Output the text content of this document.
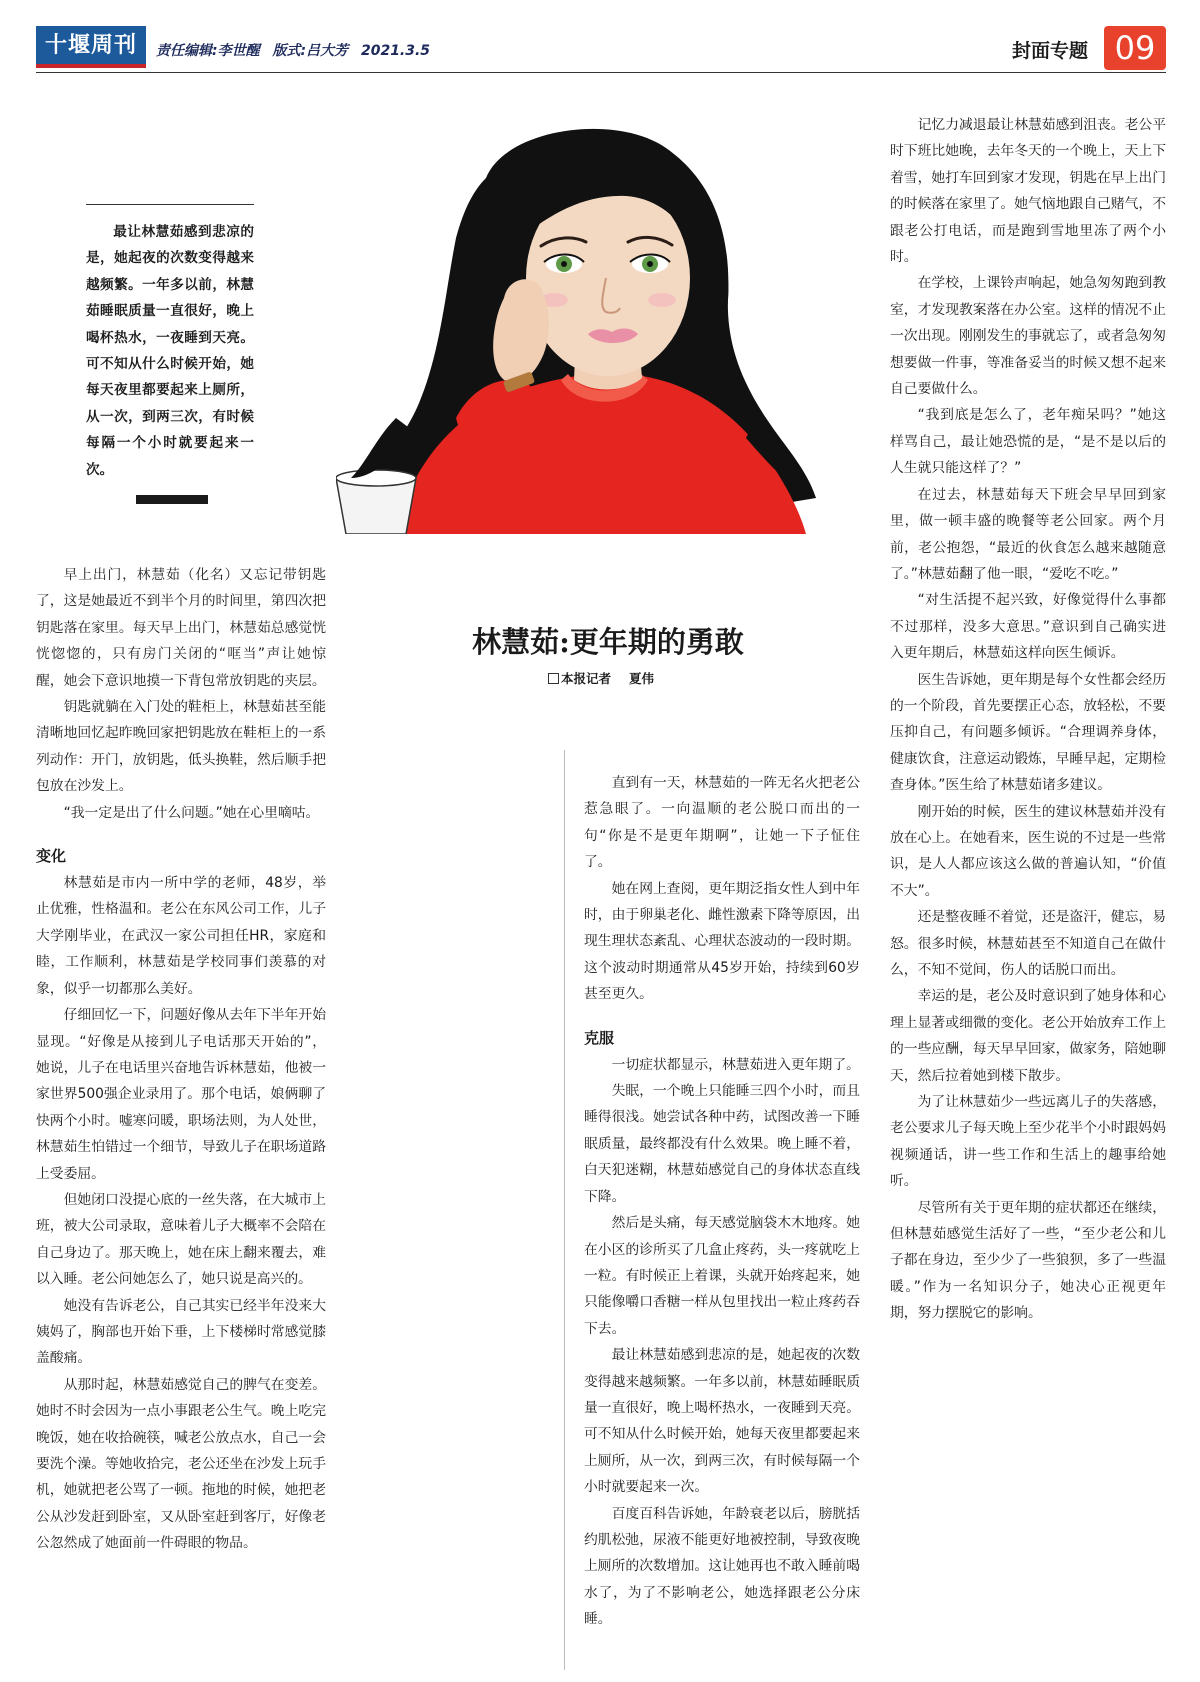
十堰周刊	责任编辑:李世醒 版式:吕大芳 2021.3.5	封面专题 09

最让林慧茹感到悲凉的是，她起夜的次数变得越来越频繁。一年多以前，林慧茹睡眠质量一直很好，晚上喝杯热水，一夜睡到天亮。可不知从什么时候开始，她每天夜里都要起来上厕所，从一次，到两三次，有时候每隔一个小时就要起来一次。

林慧茹:更年期的勇敢
本报记者 夏伟

早上出门，林慧茹（化名）又忘记带钥匙了，这是她最近不到半个月的时间里，第四次把钥匙落在家里。每天早上出门，林慧茹总感觉恍恍惚惚的，只有房门关闭的“哐当”声让她惊醒，她会下意识地摸一下背包常放钥匙的夹层。

钥匙就躺在入门处的鞋柜上，林慧茹甚至能清晰地回忆起昨晚回家把钥匙放在鞋柜上的一系列动作：开门，放钥匙，低头换鞋，然后顺手把包放在沙发上。

“我一定是出了什么问题。”她在心里嘀咕。

变化

林慧茹是市内一所中学的老师，48岁，举止优雅，性格温和。老公在东风公司工作，儿子大学刚毕业，在武汉一家公司担任HR，家庭和睦，工作顺利，林慧茹是学校同事们羡慕的对象，似乎一切都那么美好。

仔细回忆一下，问题好像从去年下半年开始显现。“好像是从接到儿子电话那天开始的”，她说，儿子在电话里兴奋地告诉林慧茹，他被一家世界500强企业录用了。那个电话，娘俩聊了快两个小时。嘘寒问暖，职场法则，为人处世，林慧茹生怕错过一个细节，导致儿子在职场道路上受委屈。

但她闭口没提心底的一丝失落，在大城市上班，被大公司录取，意味着儿子大概率不会陪在自己身边了。那天晚上，她在床上翻来覆去，难以入睡。老公问她怎么了，她只说是高兴的。

她没有告诉老公，自己其实已经半年没来大姨妈了，胸部也开始下垂，上下楼梯时常感觉膝盖酸痛。

从那时起，林慧茹感觉自己的脾气在变差。她时不时会因为一点小事跟老公生气。晚上吃完晚饭，她在收拾碗筷，喊老公放点水，自己一会要洗个澡。等她收拾完，老公还坐在沙发上玩手机，她就把老公骂了一顿。拖地的时候，她把老公从沙发赶到卧室，又从卧室赶到客厅，好像老公忽然成了她面前一件碍眼的物品。

直到有一天，林慧茹的一阵无名火把老公惹急眼了。一向温顺的老公脱口而出的一句“你是不是更年期啊”，让她一下子怔住了。

她在网上查阅，更年期泛指女性人到中年时，由于卵巢老化、雌性激素下降等原因，出现生理状态紊乱、心理状态波动的一段时期。这个波动时期通常从45岁开始，持续到60岁甚至更久。

克服

一切症状都显示，林慧茹进入更年期了。

失眠，一个晚上只能睡三四个小时，而且睡得很浅。她尝试各种中药，试图改善一下睡眠质量，最终都没有什么效果。晚上睡不着，白天犯迷糊，林慧茹感觉自己的身体状态直线下降。

然后是头痛，每天感觉脑袋木木地疼。她在小区的诊所买了几盒止疼药，头一疼就吃上一粒。有时候正上着课，头就开始疼起来，她只能像嚼口香糖一样从包里找出一粒止疼药吞下去。

最让林慧茹感到悲凉的是，她起夜的次数变得越来越频繁。一年多以前，林慧茹睡眠质量一直很好，晚上喝杯热水，一夜睡到天亮。可不知从什么时候开始，她每天夜里都要起来上厕所，从一次，到两三次，有时候每隔一个小时就要起来一次。

百度百科告诉她，年龄衰老以后，膀胱括约肌松弛，尿液不能更好地被控制，导致夜晚上厕所的次数增加。这让她再也不敢入睡前喝水了，为了不影响老公，她选择跟老公分床睡。

记忆力减退最让林慧茹感到沮丧。老公平时下班比她晚，去年冬天的一个晚上，天上下着雪，她打车回到家才发现，钥匙在早上出门的时候落在家里了。她气恼地跟自己赌气，不跟老公打电话，而是跑到雪地里冻了两个小时。

在学校，上课铃声响起，她急匆匆跑到教室，才发现教案落在办公室。这样的情况不止一次出现。刚刚发生的事就忘了，或者急匆匆想要做一件事，等准备妥当的时候又想不起来自己要做什么。

“我到底是怎么了，老年痴呆吗？”她这样骂自己，最让她恐慌的是，“是不是以后的人生就只能这样了？”

在过去，林慧茹每天下班会早早回到家里，做一顿丰盛的晚餐等老公回家。两个月前，老公抱怨，“最近的伙食怎么越来越随意了。”林慧茹翻了他一眼，“爱吃不吃。”

“对生活提不起兴致，好像觉得什么事都不过那样，没多大意思。”意识到自己确实进入更年期后，林慧茹这样向医生倾诉。

医生告诉她，更年期是每个女性都会经历的一个阶段，首先要摆正心态，放轻松，不要压抑自己，有问题多倾诉。“合理调养身体，健康饮食，注意运动锻炼，早睡早起，定期检查身体。”医生给了林慧茹诸多建议。

刚开始的时候，医生的建议林慧茹并没有放在心上。在她看来，医生说的不过是一些常识，是人人都应该这么做的普遍认知，“价值不大”。

还是整夜睡不着觉，还是盗汗，健忘，易怒。很多时候，林慧茹甚至不知道自己在做什么，不知不觉间，伤人的话脱口而出。

幸运的是，老公及时意识到了她身体和心理上显著或细微的变化。老公开始放弃工作上的一些应酬，每天早早回家，做家务，陪她聊天，然后拉着她到楼下散步。

为了让林慧茹少一些远离儿子的失落感，老公要求儿子每天晚上至少花半个小时跟妈妈视频通话，讲一些工作和生活上的趣事给她听。

尽管所有关于更年期的症状都还在继续，但林慧茹感觉生活好了一些，“至少老公和儿子都在身边，至少少了一些狼狈，多了一些温暖。”作为一名知识分子，她决心正视更年期，努力摆脱它的影响。
